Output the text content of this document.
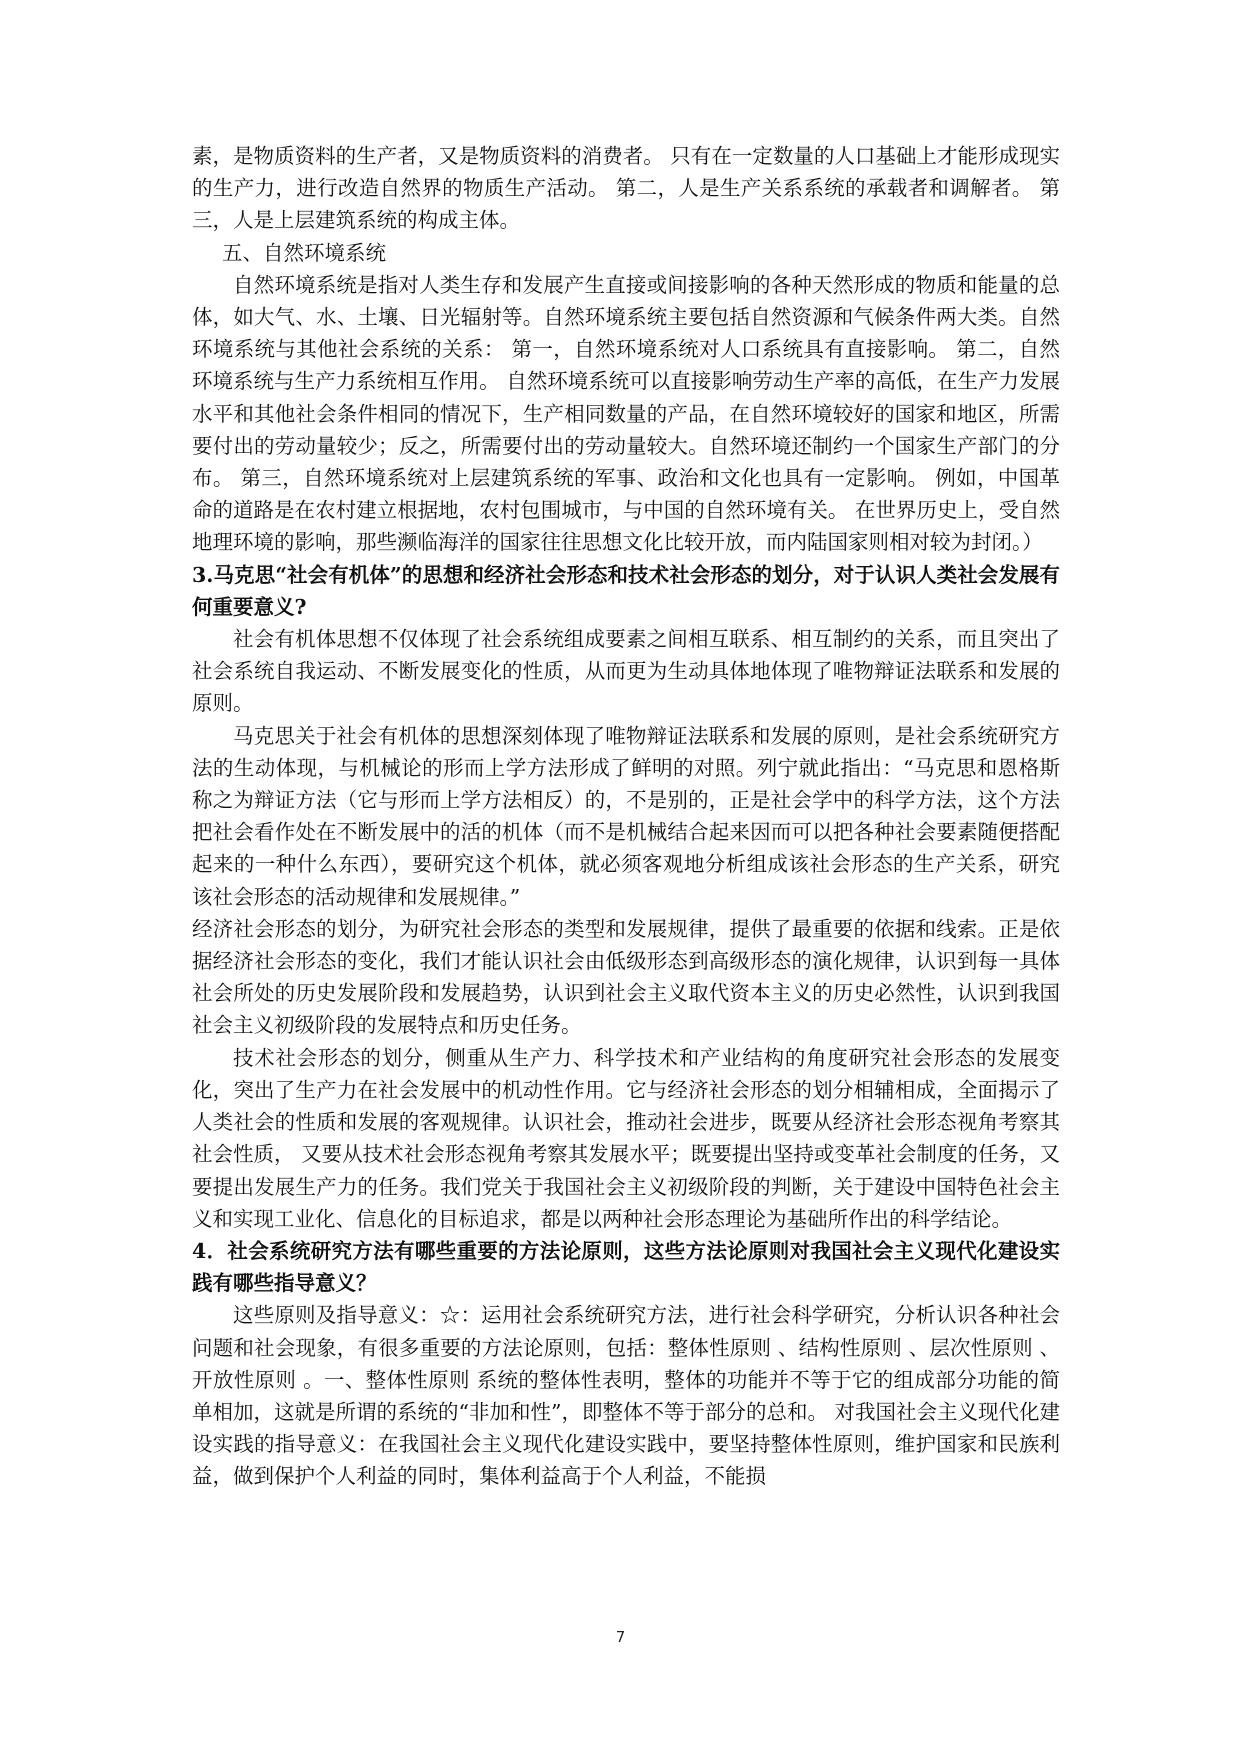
素，是物质资料的生产者，又是物质资料的消费者。 只有在一定数量的人口基础上才能形成现实的生产力，进行改造自然界的物质生产活动。 第二，人是生产关系系统的承载者和调解者。 第三，人是上层建筑系统的构成主体。

五、自然环境系统

自然环境系统是指对人类生存和发展产生直接或间接影响的各种天然形成的物质和能量的总体，如大气、水、土壤、日光辐射等。自然环境系统主要包括自然资源和气候条件两大类。自然环境系统与其他社会系统的关系： 第一，自然环境系统对人口系统具有直接影响。 第二，自然环境系统与生产力系统相互作用。 自然环境系统可以直接影响劳动生产率的高低，在生产力发展水平和其他社会条件相同的情况下，生产相同数量的产品，在自然环境较好的国家和地区，所需要付出的劳动量较少；反之，所需要付出的劳动量较大。自然环境还制约一个国家生产部门的分布。 第三，自然环境系统对上层建筑系统的军事、政治和文化也具有一定影响。 例如，中国革命的道路是在农村建立根据地，农村包围城市，与中国的自然环境有关。 在世界历史上，受自然地理环境的影响，那些濒临海洋的国家往往思想文化比较开放，而内陆国家则相对较为封闭。）

3.马克思“社会有机体”的思想和经济社会形态和技术社会形态的划分，对于认识人类社会发展有何重要意义?

社会有机体思想不仅体现了社会系统组成要素之间相互联系、相互制约的关系，而且突出了社会系统自我运动、不断发展变化的性质，从而更为生动具体地体现了唯物辩证法联系和发展的原则。

马克思关于社会有机体的思想深刻体现了唯物辩证法联系和发展的原则，是社会系统研究方法的生动体现，与机械论的形而上学方法形成了鲜明的对照。列宁就此指出：“马克思和恩格斯称之为辩证方法（它与形而上学方法相反）的，不是别的，正是社会学中的科学方法，这个方法把社会看作处在不断发展中的活的机体（而不是机械结合起来因而可以把各种社会要素随便搭配起来的一种什么东西），要研究这个机体，就必须客观地分析组成该社会形态的生产关系，研究该社会形态的活动规律和发展规律。”

经济社会形态的划分，为研究社会形态的类型和发展规律，提供了最重要的依据和线索。正是依据经济社会形态的变化，我们才能认识社会由低级形态到高级形态的演化规律，认识到每一具体社会所处的历史发展阶段和发展趋势，认识到社会主义取代资本主义的历史必然性，认识到我国社会主义初级阶段的发展特点和历史任务。

技术社会形态的划分，侧重从生产力、科学技术和产业结构的角度研究社会形态的发展变化，突出了生产力在社会发展中的机动性作用。它与经济社会形态的划分相辅相成，全面揭示了人类社会的性质和发展的客观规律。认识社会，推动社会进步，既要从经济社会形态视角考察其社会性质， 又要从技术社会形态视角考察其发展水平；既要提出坚持或变革社会制度的任务，又要提出发展生产力的任务。我们党关于我国社会主义初级阶段的判断，关于建设中国特色社会主义和实现工业化、信息化的目标追求，都是以两种社会形态理论为基础所作出的科学结论。

4．社会系统研究方法有哪些重要的方法论原则，这些方法论原则对我国社会主义现代化建设实践有哪些指导意义？

这些原则及指导意义：☆：运用社会系统研究方法，进行社会科学研究，分析认识各种社会问题和社会现象，有很多重要的方法论原则，包括：整体性原则 、结构性原则 、层次性原则 、开放性原则 。一、整体性原则 系统的整体性表明，整体的功能并不等于它的组成部分功能的简单相加，这就是所谓的系统的“非加和性”，即整体不等于部分的总和。 对我国社会主义现代化建设实践的指导意义：在我国社会主义现代化建设实践中，要坚持整体性原则，维护国家和民族利益，做到保护个人利益的同时，集体利益高于个人利益，不能损

7
